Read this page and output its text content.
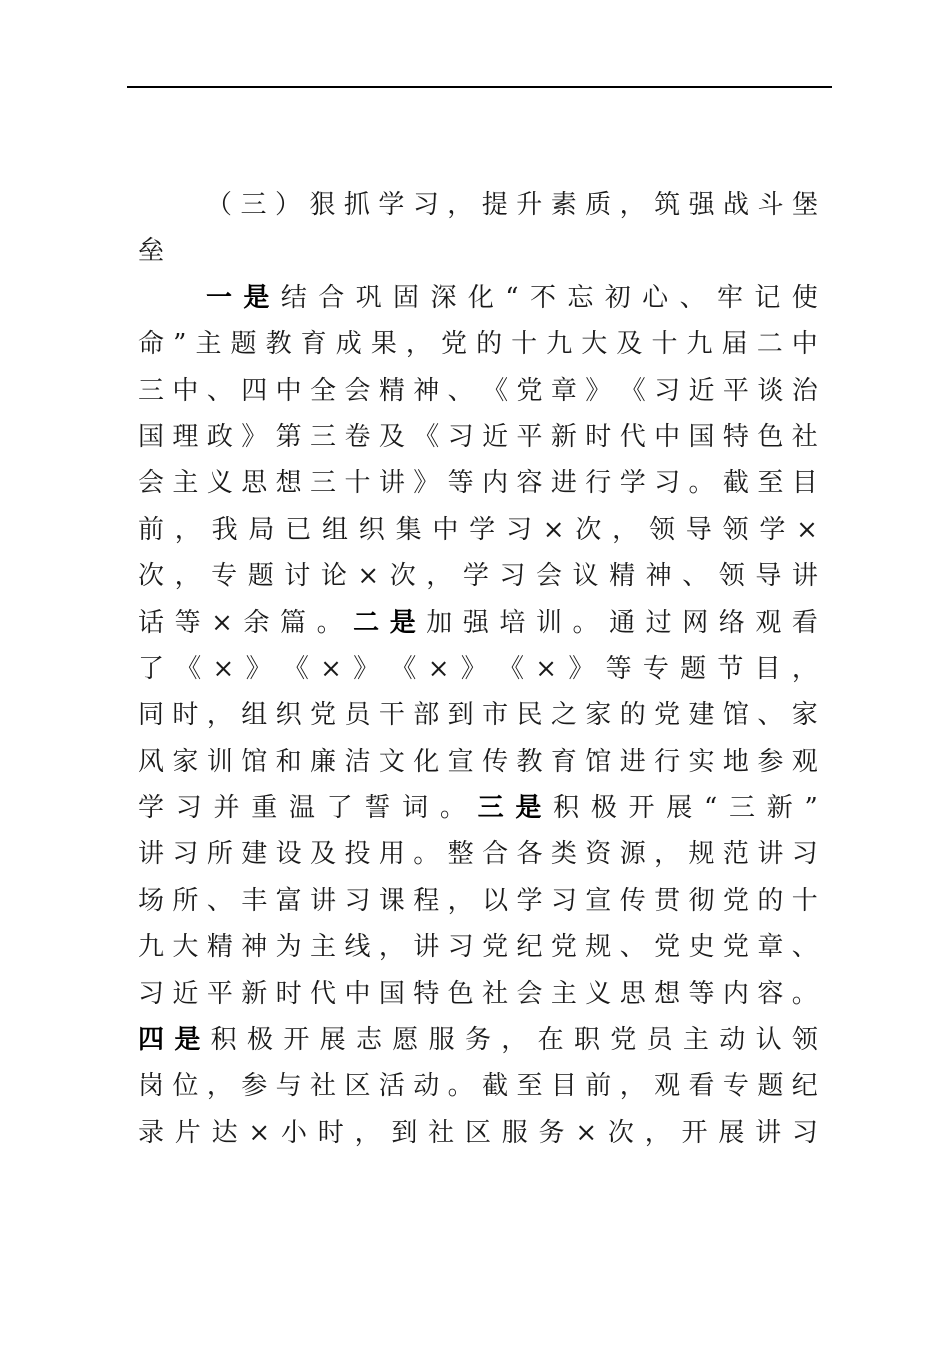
（ 三 ） 狠 抓 学 习 ， 提 升 素 质 ， 筑 强 战 斗 堡
垒
一 是 结 合 巩 固 深 化 “ 不 忘 初 心 、 牢 记 使
命 ” 主 题 教 育 成 果 ， 党 的 十 九 大 及 十 九 届 二 中
三 中 、 四 中 全 会 精 神 、 《 党 章 》 《 习 近 平 谈 治
国 理 政 》 第 三 卷 及 《 习 近 平 新 时 代 中 国 特 色 社
会 主 义 思 想 三 十 讲 》 等 内 容 进 行 学 习 。 截 至 目
前 ， 我 局 已 组 织 集 中 学 习 × 次 ， 领 导 领 学 ×
次 ， 专 题 讨 论 × 次 ， 学 习 会 议 精 神 、 领 导 讲
话 等 × 余 篇 。 二 是 加 强 培 训 。 通 过 网 络 观 看
了 《 × 》 《 × 》 《 × 》 《 × 》 等 专 题 节 目 ，
同 时 ， 组 织 党 员 干 部 到 市 民 之 家 的 党 建 馆 、 家
风 家 训 馆 和 廉 洁 文 化 宣 传 教 育 馆 进 行 实 地 参 观
学 习 并 重 温 了 誓 词 。 三 是 积 极 开 展 “ 三 新 ”
讲 习 所 建 设 及 投 用 。 整 合 各 类 资 源 ， 规 范 讲 习
场 所 、 丰 富 讲 习 课 程 ， 以 学 习 宣 传 贯 彻 党 的 十
九 大 精 神 为 主 线 ， 讲 习 党 纪 党 规 、 党 史 党 章 、
习 近 平 新 时 代 中 国 特 色 社 会 主 义 思 想 等 内 容 。
四 是 积 极 开 展 志 愿 服 务 ， 在 职 党 员 主 动 认 领
岗 位 ， 参 与 社 区 活 动 。 截 至 目 前 ， 观 看 专 题 纪
录 片 达 × 小 时 ， 到 社 区 服 务 × 次 ， 开 展 讲 习
